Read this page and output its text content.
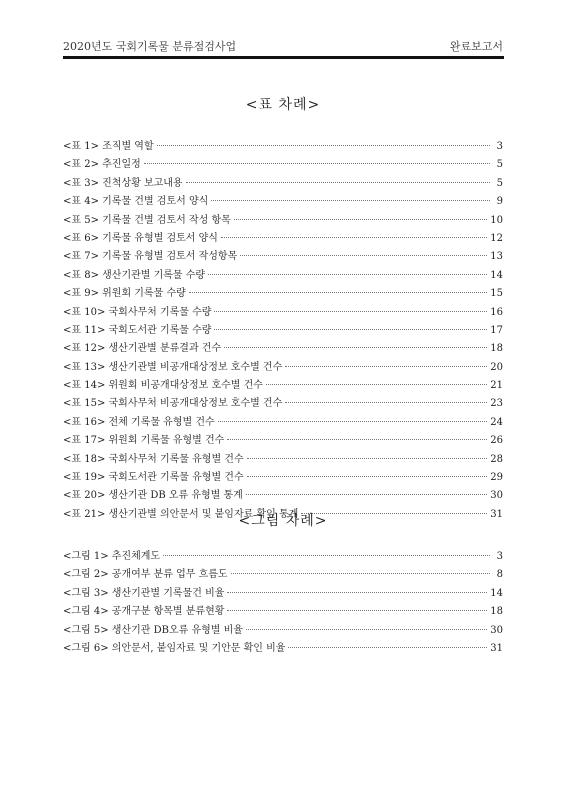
2020년도 국회기록물 분류점검사업	완료보고서
<표 차례>
<표 1> 조직별 역할	3
<표 2> 추진일정	5
<표 3> 진척상황 보고내용	5
<표 4> 기록물 건별 검토서 양식	9
<표 5> 기록물 건별 검토서 작성 항목	10
<표 6> 기록물 유형별 검토서 양식	12
<표 7> 기록물 유형별 검토서 작성항목	13
<표 8> 생산기관별 기록물 수량	14
<표 9> 위원회 기록물 수량	15
<표 10> 국회사무처 기록물 수량	16
<표 11> 국회도서관 기록물 수량	17
<표 12> 생산기관별 분류결과 건수	18
<표 13> 생산기관별 비공개대상정보 호수별 건수	20
<표 14> 위원회 비공개대상정보 호수별 건수	21
<표 15> 국회사무처 비공개대상정보 호수별 건수	23
<표 16> 전체 기록물 유형별 건수	24
<표 17> 위원회 기록물 유형별 건수	26
<표 18> 국회사무처 기록물 유형별 건수	28
<표 19> 국회도서관 기록물 유형별 건수	29
<표 20> 생산기관 DB 오류 유형별 통계	30
<표 21> 생산기관별 의안문서 및 붙임자료 확인 통계	31
<그림 차례>
<그림 1> 추진체계도	3
<그림 2> 공개여부 분류 업무 흐름도	8
<그림 3> 생산기관별 기록물건 비율	14
<그림 4> 공개구분 항목별 분류현황	18
<그림 5> 생산기관 DB오류 유형별 비율	30
<그림 6> 의안문서, 붙임자료 및 기안문 확인 비율	31
